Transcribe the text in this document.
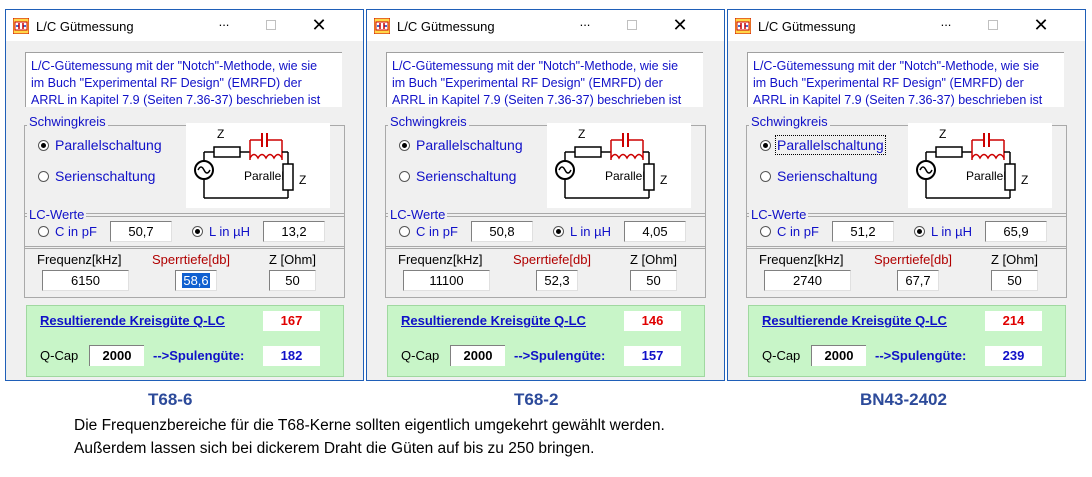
L/C Gütmessung	...	✕
L/C-Gütemessung mit der "Notch"-Methode, wie sie
im Buch "Experimental RF Design" (EMRFD) der
ARRL in Kapitel 7.9 (Seiten 7.36-37) beschrieben ist
Schwingkreis
Parallelschaltung
Serienschaltung
Z
Parallel Z
LC-Werte
C in pF	50,7	L in µH	13,2
Frequenz[kHz] Sperrtiefe[db]	Z [Ohm]
6150	58,6	50
Resultierende Kreisgüte Q-LC	167
Q-Cap	2000	-->Spulengüte:	182
T68-6
L/C Gütmessung	...	✕
L/C-Gütemessung mit der "Notch"-Methode, wie sie
im Buch "Experimental RF Design" (EMRFD) der
ARRL in Kapitel 7.9 (Seiten 7.36-37) beschrieben ist
Schwingkreis
Parallelschaltung
Serienschaltung
Z
Parallel Z
LC-Werte
C in pF	50,8	L in µH	4,05
Frequenz[kHz] Sperrtiefe[db]	Z [Ohm]
11100	52,3	50
Resultierende Kreisgüte Q-LC	146
Q-Cap	2000	-->Spulengüte:	157
T68-2
L/C Gütmessung	...	✕
L/C-Gütemessung mit der "Notch"-Methode, wie sie
im Buch "Experimental RF Design" (EMRFD) der
ARRL in Kapitel 7.9 (Seiten 7.36-37) beschrieben ist
Schwingkreis
Parallelschaltung
Serienschaltung
Z
Parallel Z
LC-Werte
C in pF	51,2	L in µH	65,9
Frequenz[kHz] Sperrtiefe[db]	Z [Ohm]
2740	67,7	50
Resultierende Kreisgüte Q-LC	214
Q-Cap	2000	-->Spulengüte:	239
BN43-2402
Die Frequenzbereiche für die T68-Kerne sollten eigentlich umgekehrt gewählt werden.
Außerdem lassen sich bei dickerem Draht die Güten auf bis zu 250 bringen.
